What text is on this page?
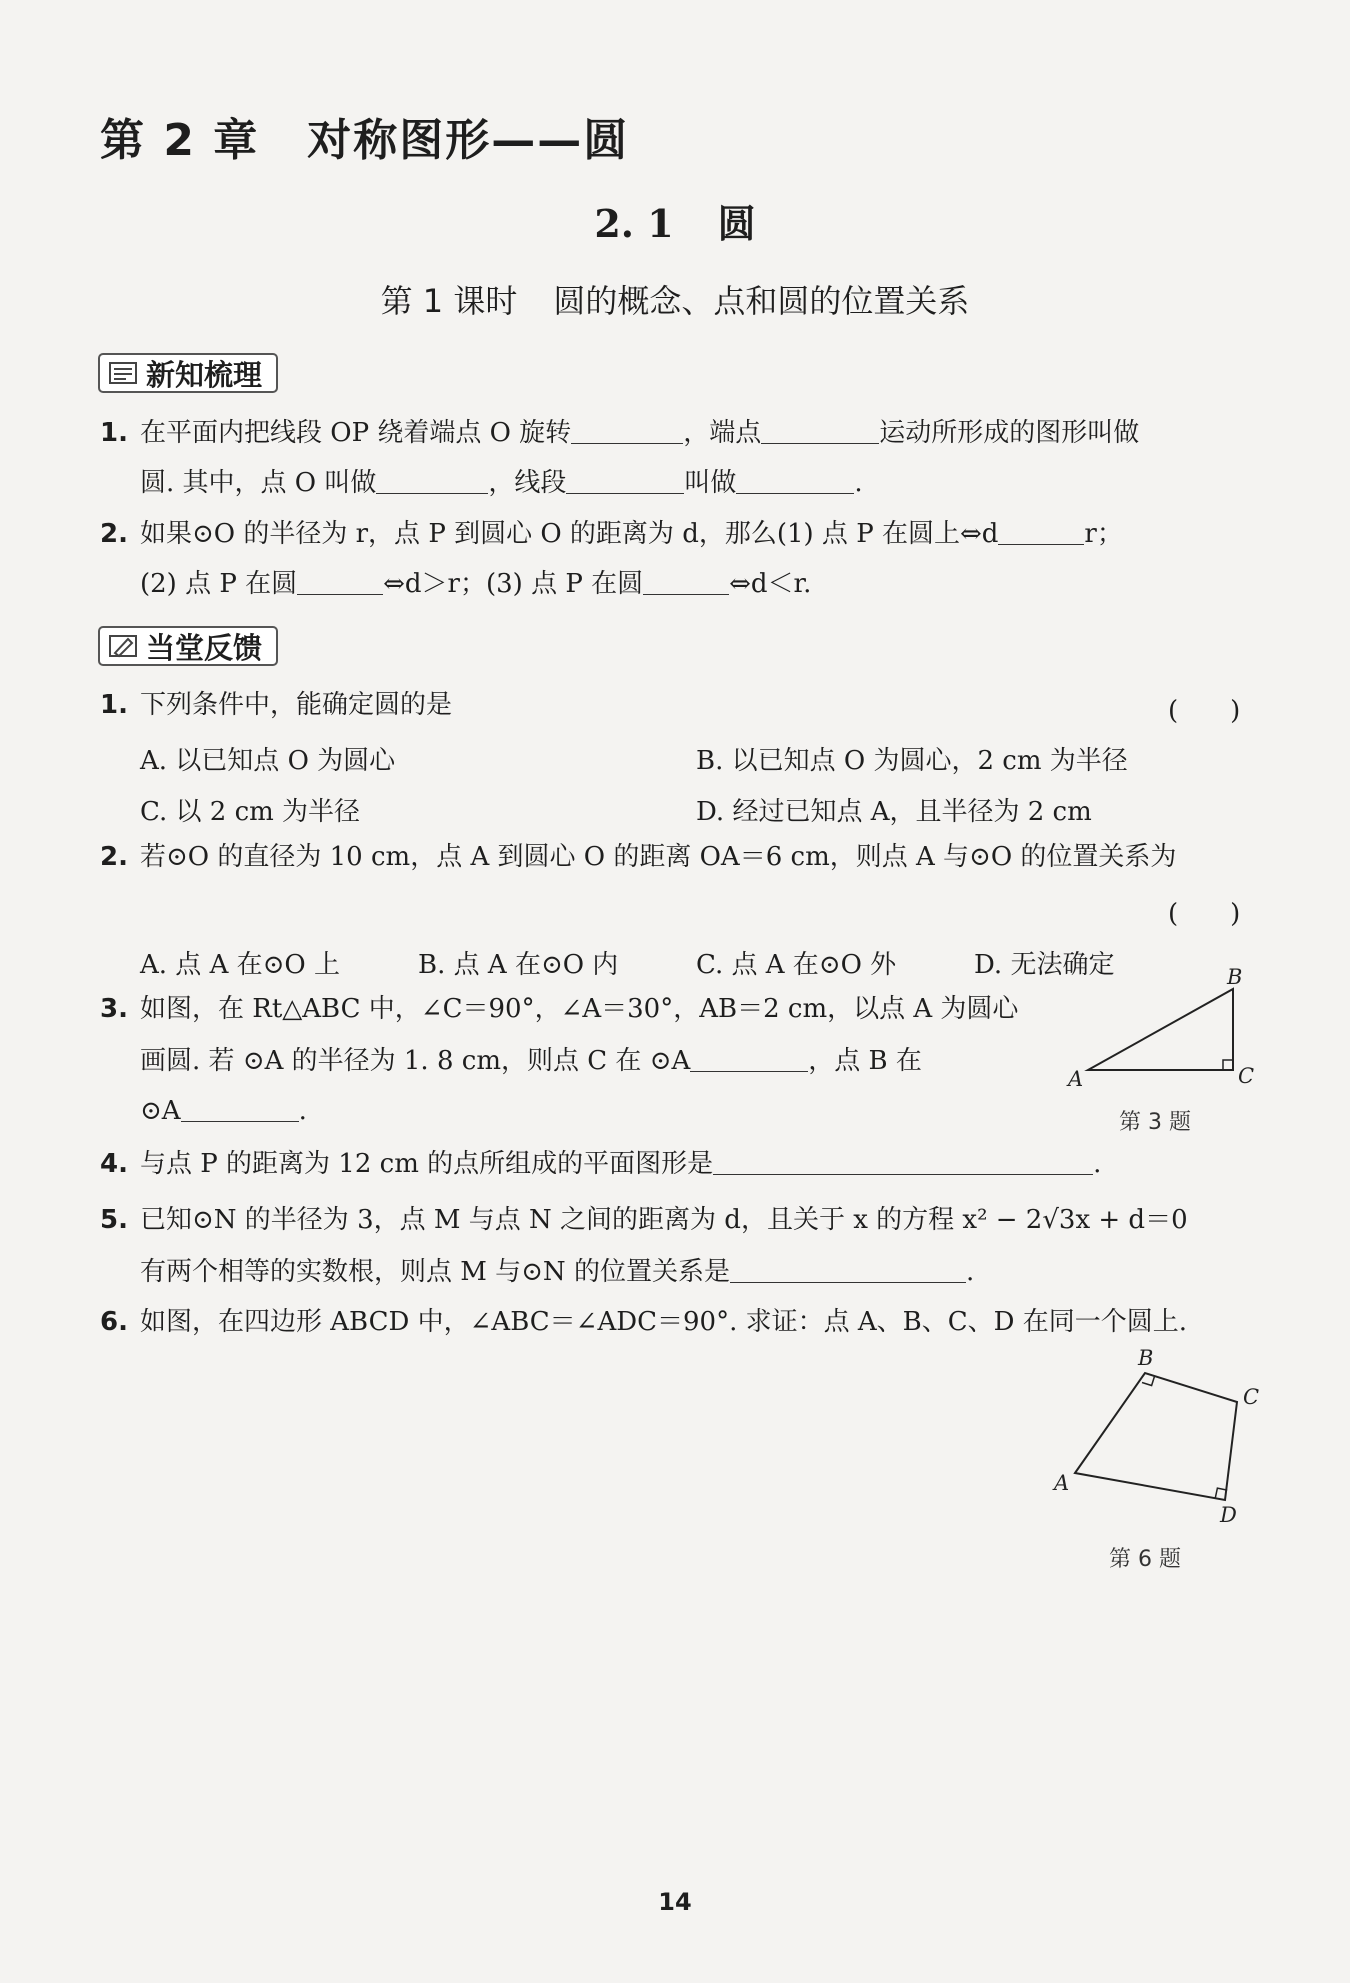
第 2 章 对称图形——圆
2. 1 圆
第 1 课时 圆的概念、点和圆的位置关系
新知梳理
1. 在平面内把线段 OP 绕着端点 O 旋转	，端点	运动所形成的图形叫做
圆. 其中，点 O 叫做	，线段	叫做	.
2. 如果⊙O 的半径为 r，点 P 到圆心 O 的距离为 d，那么(1) 点 P 在圆上⇔d	r；
(2) 点 P 在圆	⇔d＞r；(3) 点 P 在圆	⇔d＜r.
当堂反馈
1. 下列条件中，能确定圆的是	(　　)
A. 以已知点 O 为圆心	B. 以已知点 O 为圆心，2 cm 为半径
C. 以 2 cm 为半径	D. 经过已知点 A，且半径为 2 cm
2. 若⊙O 的直径为 10 cm，点 A 到圆心 O 的距离 OA＝6 cm，则点 A 与⊙O 的位置关系为
(　　)
A. 点 A 在⊙O 上	B. 点 A 在⊙O 内	C. 点 A 在⊙O 外	D. 无法确定
3. 如图，在 Rt△ABC 中，∠C＝90°，∠A＝30°，AB＝2 cm，以点 A 为圆心
画圆. 若 ⊙A 的半径为 1. 8 cm，则点 C 在 ⊙A	，点 B 在
⊙A	.
A
B
C
第 3 题
4. 与点 P 的距离为 12 cm 的点所组成的平面图形是	.
5. 已知⊙N 的半径为 3，点 M 与点 N 之间的距离为 d，且关于 x 的方程 x² − 2√3x + d＝0
有两个相等的实数根，则点 M 与⊙N 的位置关系是	.
6. 如图，在四边形 ABCD 中，∠ABC＝∠ADC＝90°. 求证：点 A、B、C、D 在同一个圆上.
A
B
C
D
第 6 题
14
